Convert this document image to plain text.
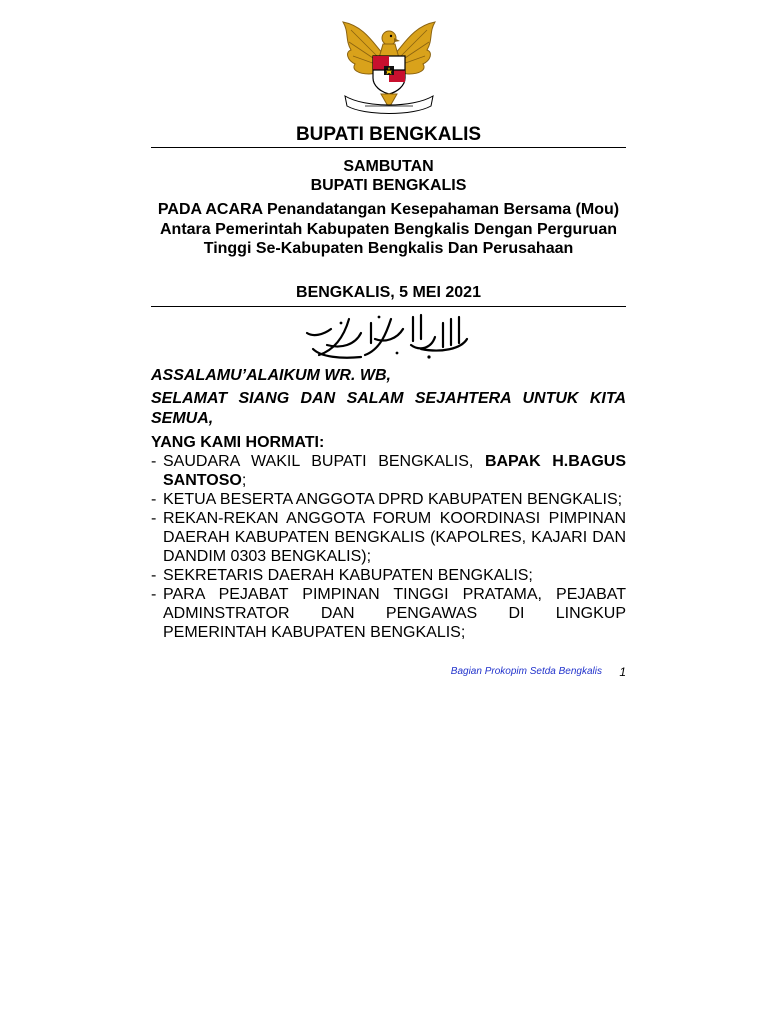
BUPATI BENGKALIS
SAMBUTAN
BUPATI BENGKALIS
PADA ACARA Penandatangan Kesepahaman Bersama (Mou) Antara Pemerintah Kabupaten Bengkalis Dengan Perguruan Tinggi Se-Kabupaten Bengkalis Dan Perusahaan
BENGKALIS, 5 MEI 2021
ASSALAMU’ALAIKUM WR. WB,
SELAMAT SIANG DAN SALAM SEJAHTERA UNTUK KITA SEMUA,
YANG KAMI HORMATI:
- SAUDARA WAKIL BUPATI BENGKALIS, BAPAK H.BAGUS SANTOSO;
- KETUA BESERTA ANGGOTA DPRD KABUPATEN BENGKALIS;
- REKAN-REKAN ANGGOTA FORUM KOORDINASI PIMPINAN DAERAH KABUPATEN BENGKALIS (KAPOLRES, KAJARI DAN DANDIM 0303 BENGKALIS);
- SEKRETARIS DAERAH KABUPATEN BENGKALIS;
- PARA PEJABAT PIMPINAN TINGGI PRATAMA, PEJABAT ADMINSTRATOR DAN PENGAWAS DI LINGKUP PEMERINTAH KABUPATEN BENGKALIS;
Bagian Prokopim Setda Bengkalis 1
